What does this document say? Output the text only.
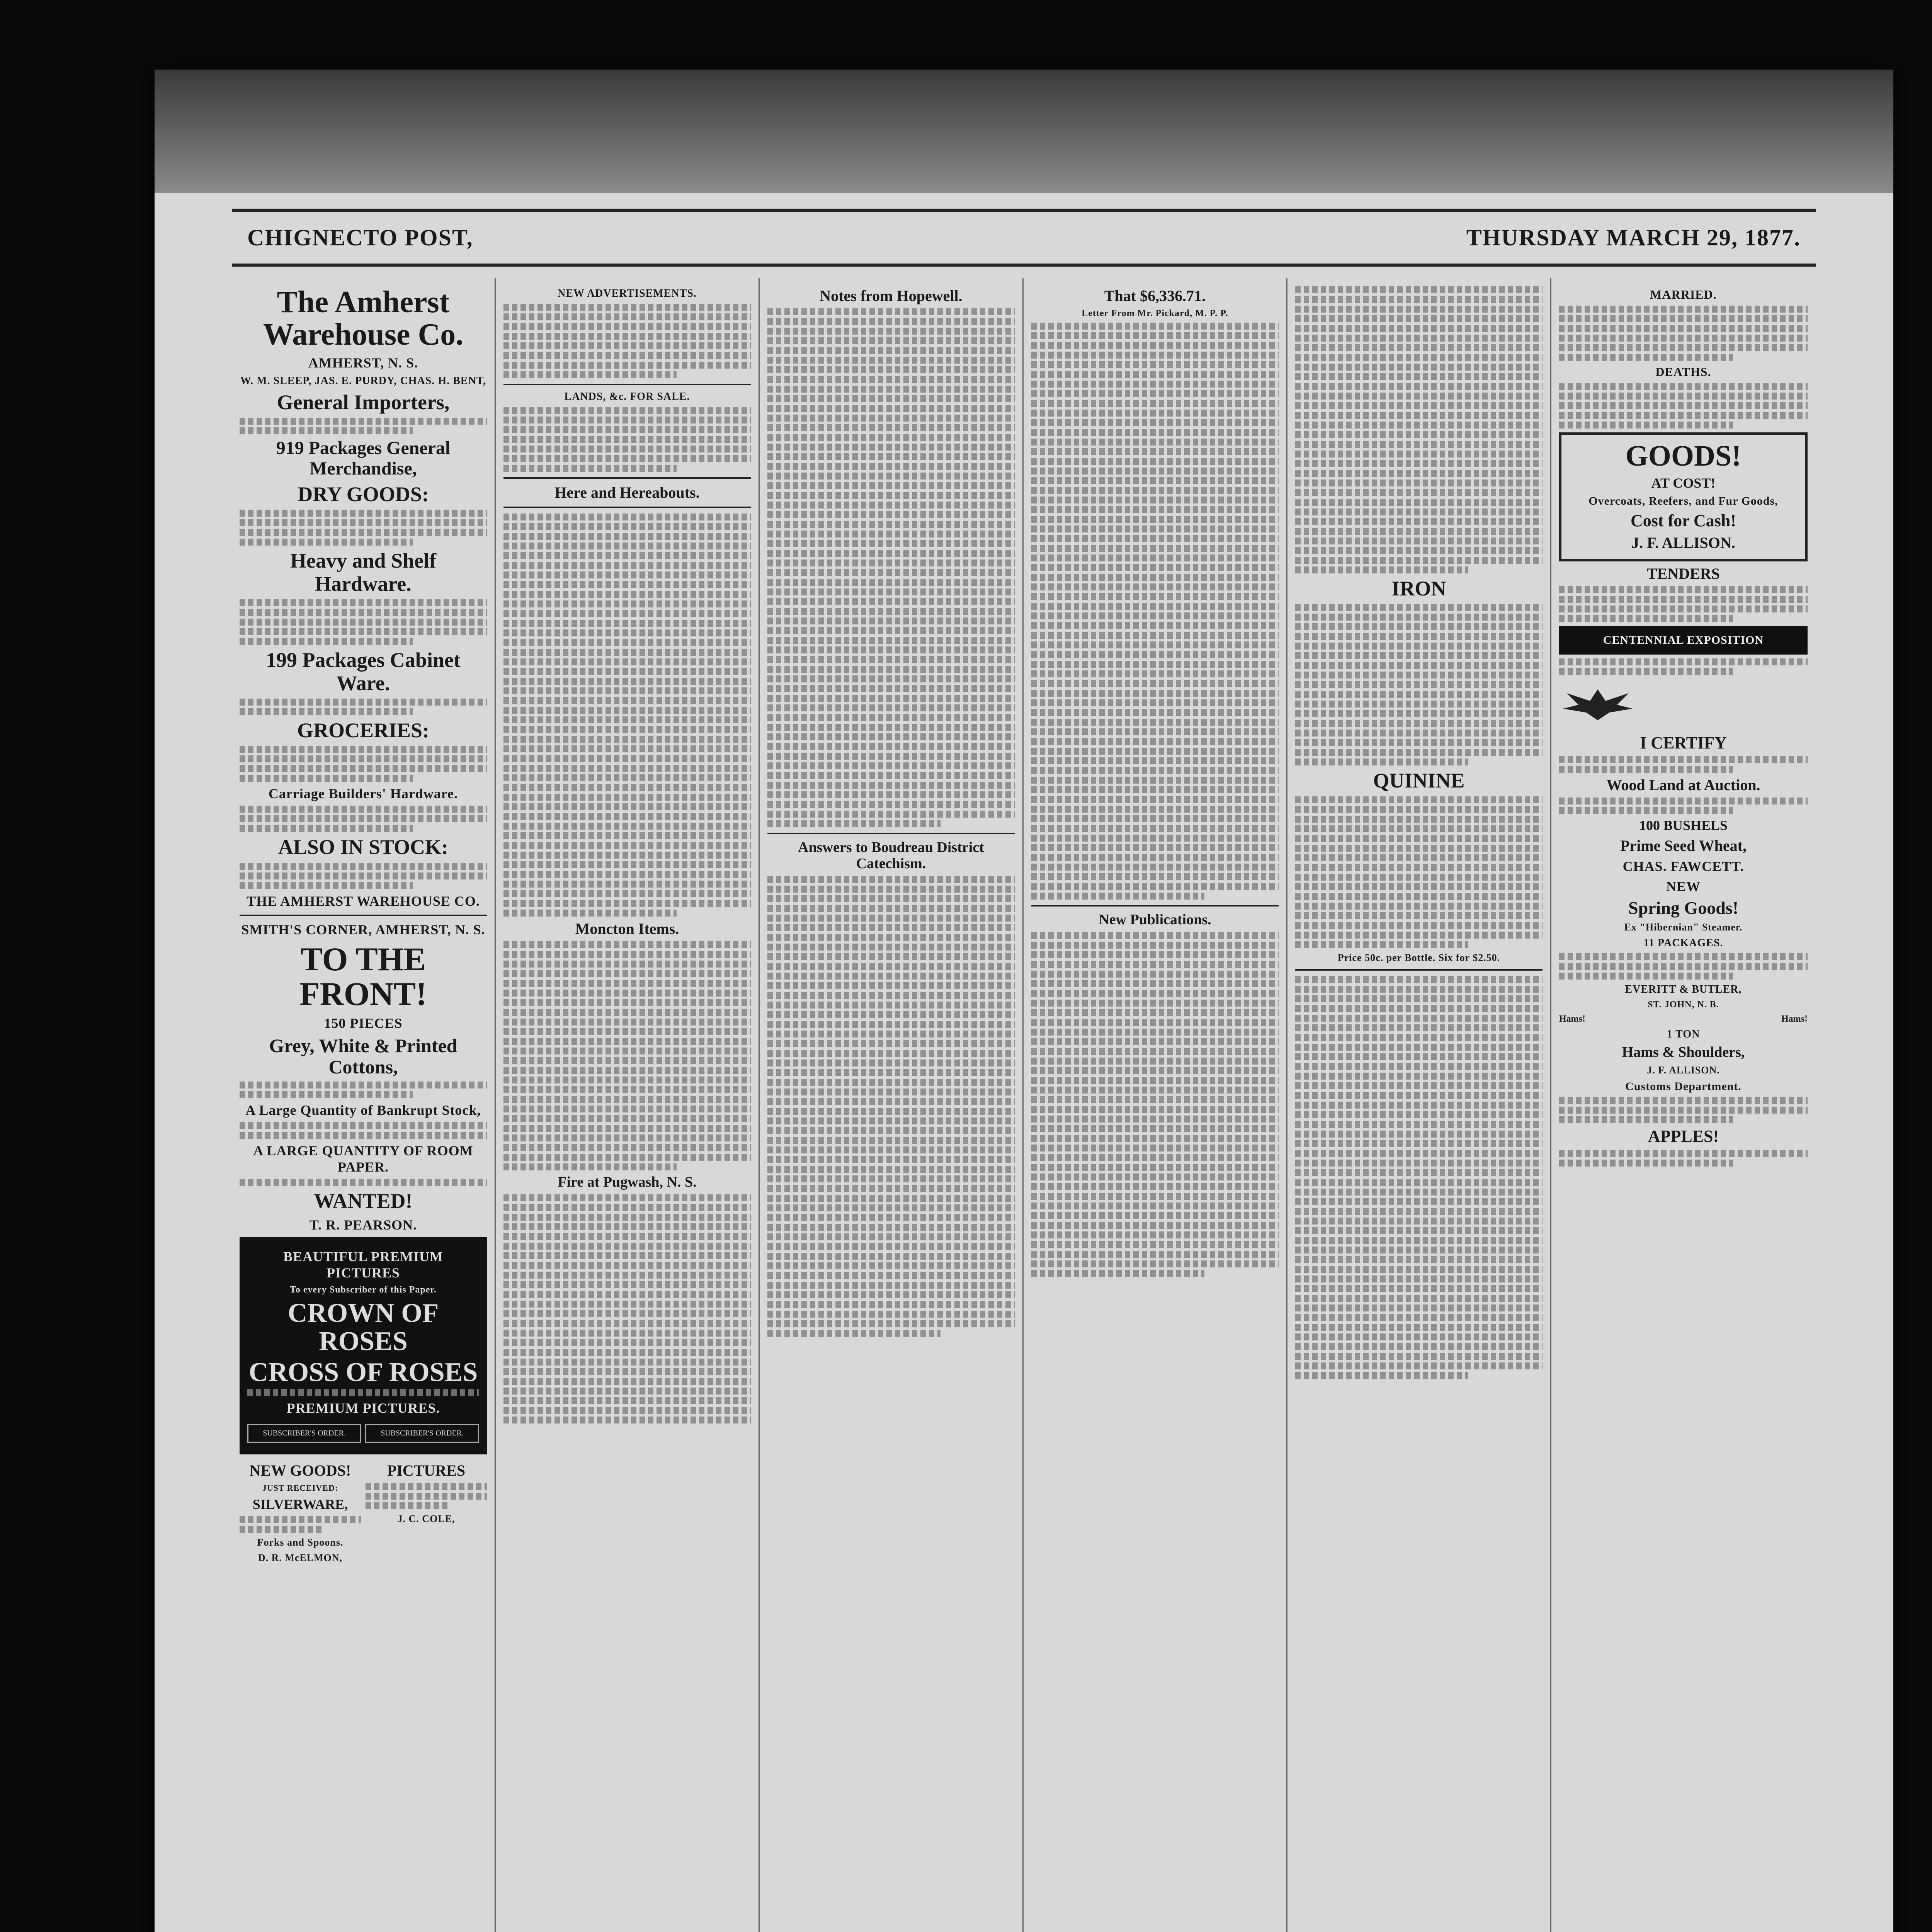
CHIGNECTO POST,	THURSDAY MARCH 29, 1877.
The Amherst Warehouse Co.
AMHERST, N. S.
W. M. SLEEP, JAS. E. PURDY, CHAS. H. BENT,
General Importers,
919 Packages General Merchandise,
DRY GOODS:
Heavy and Shelf Hardware.
199 Packages Cabinet Ware.
GROCERIES:
Carriage Builders' Hardware.
ALSO IN STOCK:
THE AMHERST WAREHOUSE CO.
SMITH'S CORNER, AMHERST, N. S.
TO THE FRONT!
150 PIECES
Grey, White & Printed Cottons,
A Large Quantity of Bankrupt Stock,
A LARGE QUANTITY OF ROOM PAPER.
WANTED!
T. R. PEARSON.
BEAUTIFUL PREMIUM PICTURES
To every Subscriber of this Paper.
CROWN OF ROSES
CROSS OF ROSES
PREMIUM PICTURES.
SUBSCRIBER'S ORDER.	SUBSCRIBER'S ORDER.
NEW GOODS!
JUST RECEIVED:
SILVERWARE,
Forks and Spoons.
D. R. McELMON,
PICTURES
J. C. COLE,
NEW ADVERTISEMENTS.
LANDS, &c. FOR SALE.
Here and Hereabouts.
Moncton Items.
Fire at Pugwash, N. S.
Notes from Hopewell.
Answers to Boudreau District Catechism.
That $6,336.71.
Letter From Mr. Pickard, M. P. P.
New Publications.
IRON
QUININE
Price 50c. per Bottle. Six for $2.50.
MARRIED.
DEATHS.
GOODS!
AT COST!
Overcoats, Reefers, and Fur Goods,
Cost for Cash!
J. F. ALLISON.
TENDERS
CENTENNIAL EXPOSITION
I CERTIFY
Wood Land at Auction.
100 BUSHELS
Prime Seed Wheat,
CHAS. FAWCETT.
NEW
Spring Goods!
Ex "Hibernian" Steamer.
11 PACKAGES.
EVERITT & BUTLER,
ST. JOHN, N. B.
Hams!	Hams!
1 TON
Hams & Shoulders,
J. F. ALLISON.
Customs Department.
APPLES!
